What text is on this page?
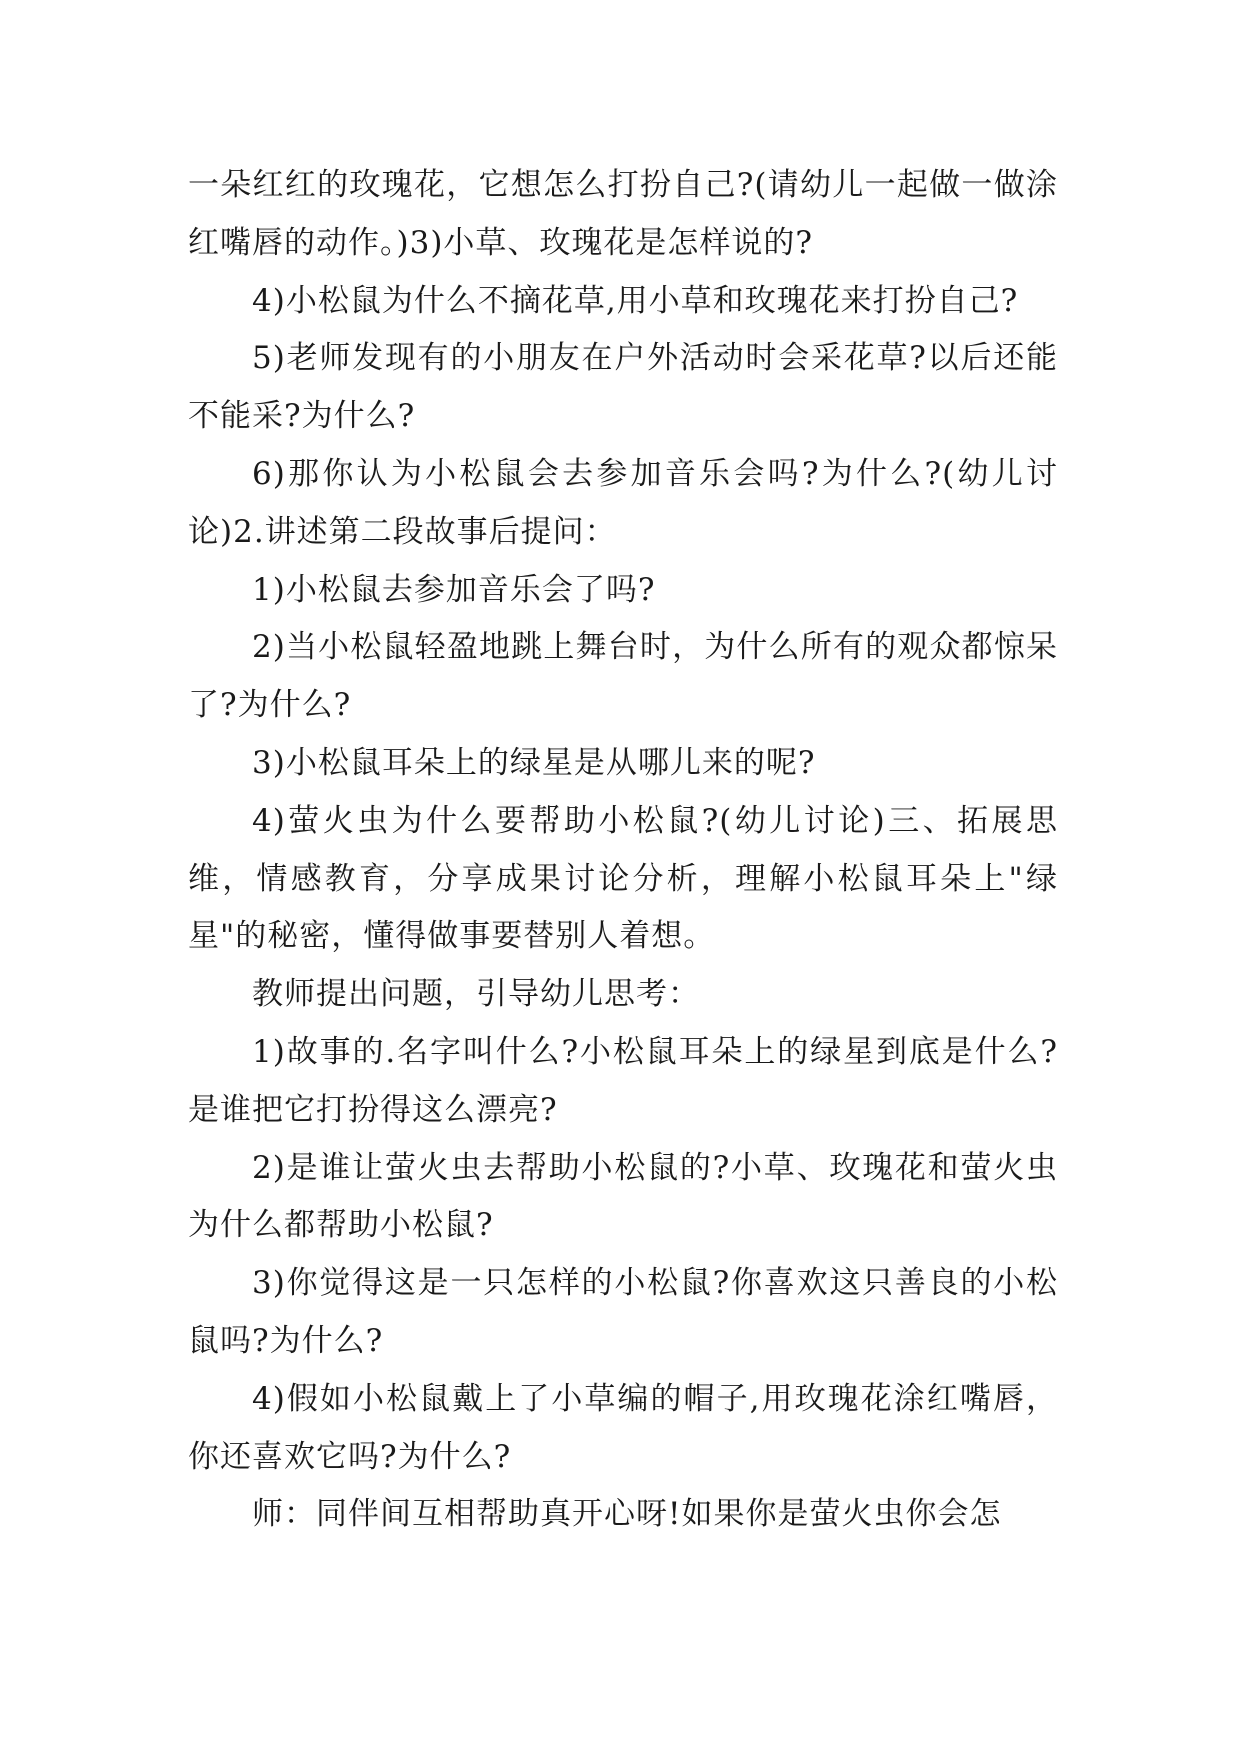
一朵红红的玫瑰花，它想怎么打扮自己?(请幼儿一起做一做涂红嘴唇的动作。)3)小草、玫瑰花是怎样说的?

4)小松鼠为什么不摘花草,用小草和玫瑰花来打扮自己?

5)老师发现有的小朋友在户外活动时会采花草?以后还能不能采?为什么?

6)那你认为小松鼠会去参加音乐会吗?为什么?(幼儿讨论)2.讲述第二段故事后提问：

1)小松鼠去参加音乐会了吗?

2)当小松鼠轻盈地跳上舞台时，为什么所有的观众都惊呆了?为什么?

3)小松鼠耳朵上的绿星是从哪儿来的呢?

4)萤火虫为什么要帮助小松鼠?(幼儿讨论)三、拓展思维，情感教育，分享成果讨论分析，理解小松鼠耳朵上"绿星"的秘密，懂得做事要替别人着想。

教师提出问题，引导幼儿思考：

1)故事的.名字叫什么?小松鼠耳朵上的绿星到底是什么?是谁把它打扮得这么漂亮?

2)是谁让萤火虫去帮助小松鼠的?小草、玫瑰花和萤火虫为什么都帮助小松鼠?

3)你觉得这是一只怎样的小松鼠?你喜欢这只善良的小松鼠吗?为什么?

4)假如小松鼠戴上了小草编的帽子,用玫瑰花涂红嘴唇，你还喜欢它吗?为什么?

师：同伴间互相帮助真开心呀!如果你是萤火虫你会怎
